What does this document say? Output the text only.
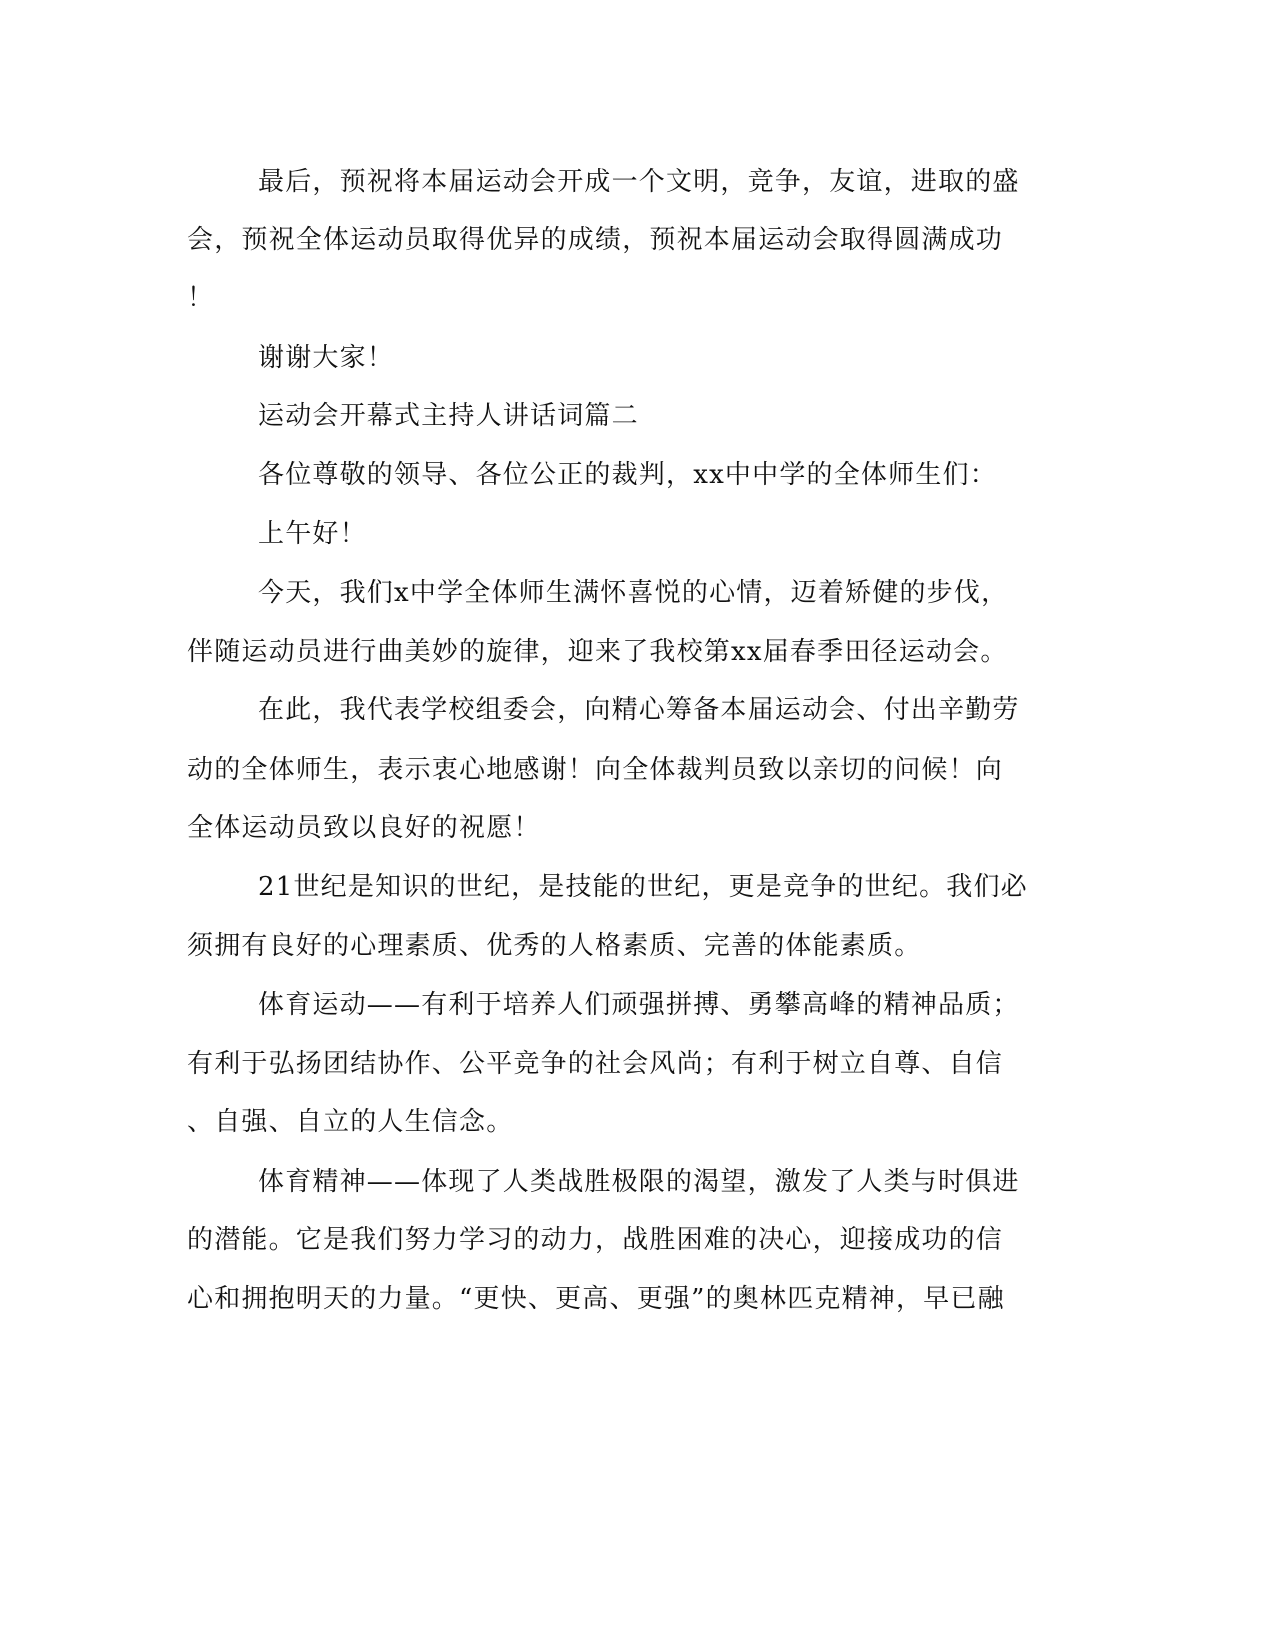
最后，预祝将本届运动会开成一个文明，竞争，友谊，进取的盛

会，预祝全体运动员取得优异的成绩，预祝本届运动会取得圆满成功

！

谢谢大家！

运动会开幕式主持人讲话词篇二

各位尊敬的领导、各位公正的裁判，xx中中学的全体师生们：

上午好！

今天，我们x中学全体师生满怀喜悦的心情，迈着矫健的步伐，

伴随运动员进行曲美妙的旋律，迎来了我校第xx届春季田径运动会。

在此，我代表学校组委会，向精心筹备本届运动会、付出辛勤劳

动的全体师生，表示衷心地感谢！向全体裁判员致以亲切的问候！向

全体运动员致以良好的祝愿！

21世纪是知识的世纪，是技能的世纪，更是竞争的世纪。我们必

须拥有良好的心理素质、优秀的人格素质、完善的体能素质。

体育运动——有利于培养人们顽强拼搏、勇攀高峰的精神品质；

有利于弘扬团结协作、公平竞争的社会风尚；有利于树立自尊、自信

、自强、自立的人生信念。

体育精神——体现了人类战胜极限的渴望，激发了人类与时俱进

的潜能。它是我们努力学习的动力，战胜困难的决心，迎接成功的信

心和拥抱明天的力量。“更快、更高、更强”的奥林匹克精神，早已融
